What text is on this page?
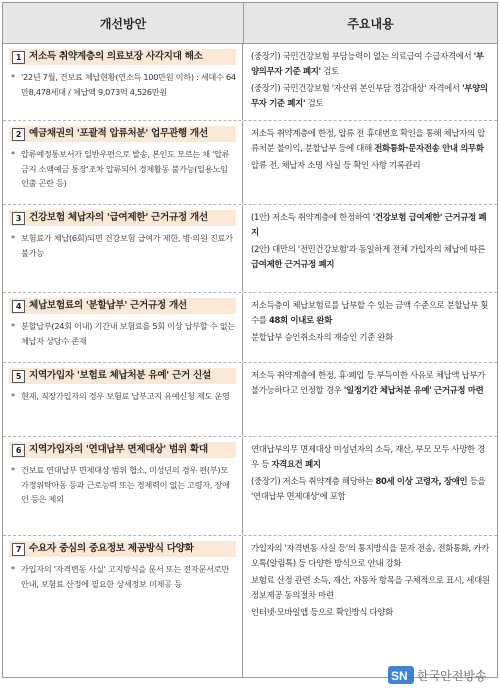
개선방안	주요내용
1 저소득 취약계층의 의료보장 사각지대 해소
* '22년 7월, 건보료 체납현황(연소득 100만원 이하) : 세대수 64만8,478세대 / 체납액 9,073억 4,526만원
(중장기) 국민건강보험 부담능력이 없는 의료급여 수급자격에서 '부양의무자 기준 폐지' 검토
(중장기) 국민건강보험 '자산위 본인부담 경감대상' 자격에서 '부양의무자 기준 폐지' 검토
2 예금채권의 '포괄적 압류처분' 업무관행 개선
* 압류예정통보서가 일반우편으로 발송, 본인도 모르는 채 '압류금지 소액예금 통장'조차 압류되어 경제활동 불가능(일용노임 인출 곤란 등)
저소득 취약계층에 한정, 압류 전 휴대번호 확인을 통해 체납자의 압류처분 불이익, 분할납부 등에 대해 전화통화·문자전송 안내 의무화
압류 전, 체납자 소명 사실 등 확인 사항 기록관리
3 건강보험 체납자의 '급여제한' 근거규정 개선
* 보험료가 체납(6회)되면 건강보험 급여가 제한, 병·의원 진료가 불가능
(1안) 저소득 취약계층에 한정하여 '건강보험 급여제한' 근거규정 폐지
(2안) 대만의 '전민건강보험'과 동일하게 전체 가입자의 체납에 따른 급여제한 근거규정 폐지
4 체납보험료의 '분할납부' 근거규정 개선
* 분할납부(24회 이내) 기간내 보험료를 5회 이상 납부할 수 없는 체납자 상당수 존재
저소득층이 체납보험료를 납부할 수 있는 금액 수준으로 분할납부 횟수를 48회 이내로 완화
분할납부 승인취소자의 재승인 기준 완화
5 지역가입자 '보험료 체납처분 유예' 근거 신설
* 현재, 직장가입자의 경우 보험료 납부고지 유예신청 제도 운영
저소득 취약계층에 한정, 휴·폐업 등 부득이한 사유로 체납액 납부가 불가능하다고 인정할 경우 '일정기간 체납처분 유예' 근거규정 마련
6 지역가입자의 '연대납부 면제대상' 범위 확대
* 건보료 연대납부 면제대상 범위 협소, 미성년의 경우 편(부)모 가정위탁아동 등과 근로능력 또는 경제력이 없는 고령자, 장애인 등은 제외
연대납부의무 면제대상 미성년자의 소득, 재산, 부모 모두 사망한 경우 등 자격요건 폐지
(중장기) 저소득 취약계층 해당하는 80세 이상 고령자, 장애인 등을 '연대납부 면제대상'에 포함
7 수요자 중심의 중요정보 제공방식 다양화
* 가입자의 '자격변동 사실' 고지방식을 문서 또는 전자문서로만 안내, 보험료 산정에 필요한 상세정보 미제공 등
가입자의 '자격변동 사실 등'의 통지방식을 문자 전송, 전화통화, 카카오톡(알림톡) 등 다양한 방식으로 안내 강화
보험료 산정 관련 소득, 재산, 자동차 항목을 구체적으로 표시, 세대원 정보제공 동의절차 마련
인터넷·모바일앱 등으로 확인방식 다양화
SN 한국안전방송
